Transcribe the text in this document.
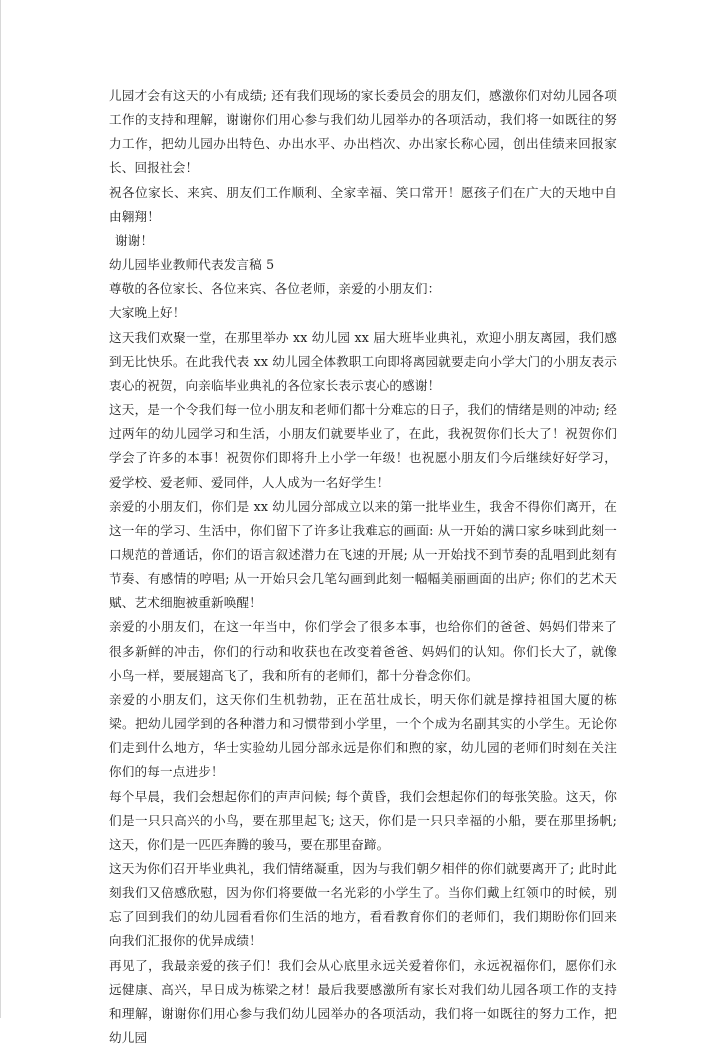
儿园才会有这天的小有成绩; 还有我们现场的家长委员会的朋友们，感激你们对幼儿园各项工作的支持和理解，谢谢你们用心参与我们幼儿园举办的各项活动，我们将一如既往的努力工作，把幼儿园办出特色、办出水平、办出档次、办出家长称心园，创出佳绩来回报家长、回报社会！

祝各位家长、来宾、朋友们工作顺利、全家幸福、笑口常开！愿孩子们在广大的天地中自由翱翔！

谢谢！

幼儿园毕业教师代表发言稿 5

尊敬的各位家长、各位来宾、各位老师，亲爱的小朋友们：

大家晚上好！

这天我们欢聚一堂，在那里举办 xx 幼儿园 xx 届大班毕业典礼，欢迎小朋友离园，我们感到无比快乐。在此我代表 xx 幼儿园全体教职工向即将离园就要走向小学大门的小朋友表示衷心的祝贺，向亲临毕业典礼的各位家长表示衷心的感谢！

这天，是一个令我们每一位小朋友和老师们都十分难忘的日子，我们的情绪是则的冲动; 经过两年的幼儿园学习和生活，小朋友们就要毕业了，在此，我祝贺你们长大了！祝贺你们学会了许多的本事！祝贺你们即将升上小学一年级！也祝愿小朋友们今后继续好好学习，爱学校、爱老师、爱同伴，人人成为一名好学生！

亲爱的小朋友们，你们是 xx 幼儿园分部成立以来的第一批毕业生，我舍不得你们离开，在这一年的学习、生活中，你们留下了许多让我难忘的画面: 从一开始的满口家乡味到此刻一口规范的普通话，你们的语言叙述潜力在飞速的开展; 从一开始找不到节奏的乱唱到此刻有节奏、有感情的哼唱; 从一开始只会几笔勾画到此刻一幅幅美丽画面的出庐; 你们的艺术天赋、艺术细胞被重新唤醒！

亲爱的小朋友们，在这一年当中，你们学会了很多本事，也给你们的爸爸、妈妈们带来了很多新鲜的冲击，你们的行动和收获也在改变着爸爸、妈妈们的认知。你们长大了，就像小鸟一样，要展翅高飞了，我和所有的老师们，都十分眷念你们。

亲爱的小朋友们，这天你们生机勃勃，正在茁壮成长，明天你们就是撑持祖国大厦的栋梁。把幼儿园学到的各种潜力和习惯带到小学里，一个个成为名副其实的小学生。无论你们走到什么地方，华士实验幼儿园分部永远是你们和煦的家，幼儿园的老师们时刻在关注你们的每一点进步！

每个早晨，我们会想起你们的声声问候; 每个黄昏，我们会想起你们的每张笑脸。这天，你们是一只只高兴的小鸟，要在那里起飞; 这天，你们是一只只幸福的小船，要在那里扬帆; 这天，你们是一匹匹奔腾的骏马，要在那里奋蹄。

这天为你们召开毕业典礼，我们情绪凝重，因为与我们朝夕相伴的你们就要离开了; 此时此刻我们又倍感欣慰，因为你们将要做一名光彩的小学生了。当你们戴上红领巾的时候，别忘了回到我们的幼儿园看看你们生活的地方，看看教育你们的老师们，我们期盼你们回来向我们汇报你的优异成绩！

再见了，我最亲爱的孩子们！我们会从心底里永远关爱着你们，永远祝福你们，愿你们永远健康、高兴，早日成为栋梁之材！最后我要感激所有家长对我们幼儿园各项工作的支持和理解，谢谢你们用心参与我们幼儿园举办的各项活动，我们将一如既往的努力工作，把幼儿园
